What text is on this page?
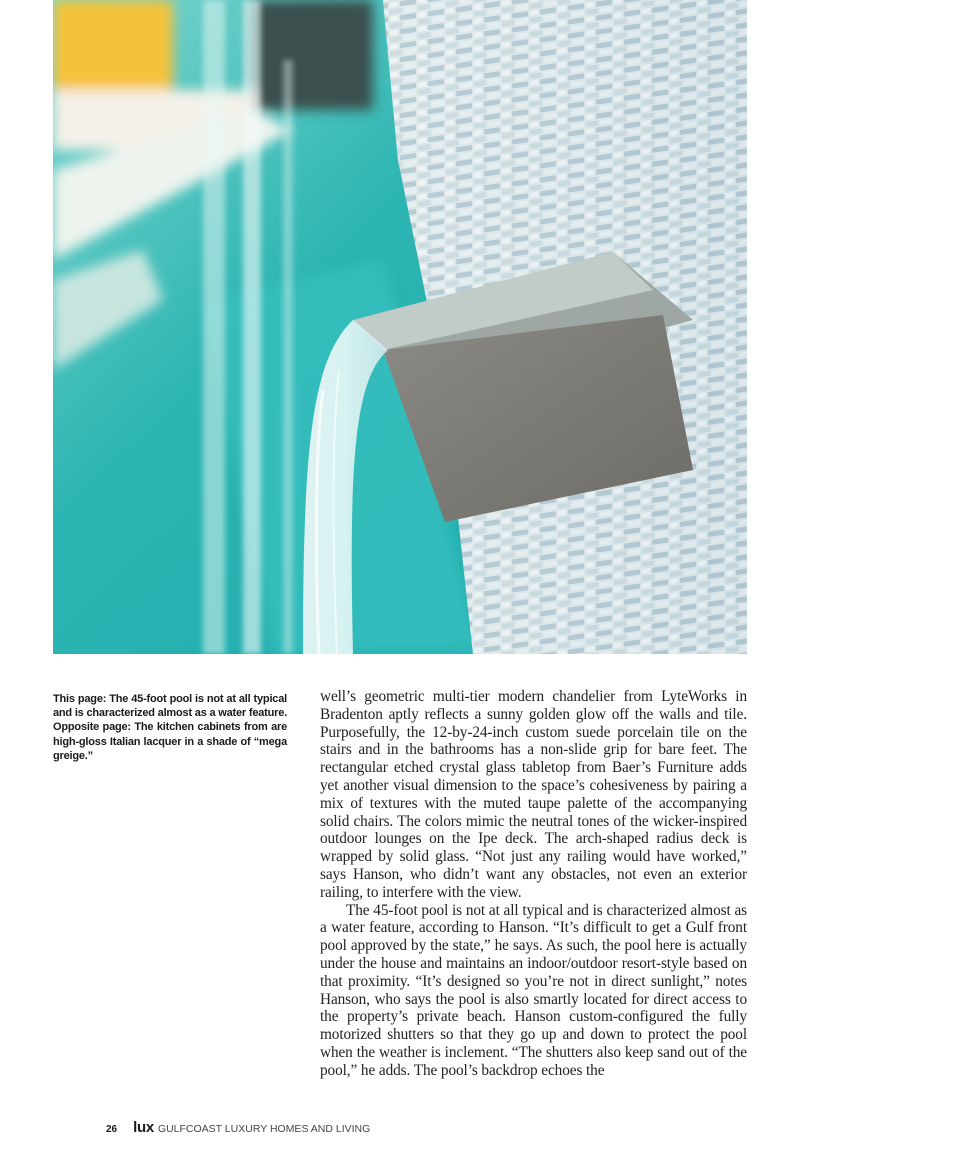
This page: The 45-foot pool is not at all typical and is characterized almost as a water feature. Opposite page: The kitchen cabinets from are high-gloss Italian lacquer in a shade of “mega greige.”

well’s geometric multi-tier modern chandelier from LyteWorks in Bradenton aptly reflects a sunny golden glow off the walls and tile. Purposefully, the 12-by-24-inch custom suede porcelain tile on the stairs and in the bathrooms has a non-slide grip for bare feet. The rectangular etched crystal glass tabletop from Baer’s Furniture adds yet another visual dimension to the space’s cohesiveness by pairing a mix of textures with the muted taupe palette of the accompanying solid chairs. The colors mimic the neutral tones of the wicker-inspired outdoor lounges on the Ipe deck. The arch-shaped radius deck is wrapped by solid glass. “Not just any railing would have worked,” says Hanson, who didn’t want any obstacles, not even an exterior railing, to interfere with the view.

The 45-foot pool is not at all typical and is characterized almost as a water feature, according to Hanson. “It’s difficult to get a Gulf front pool approved by the state,” he says. As such, the pool here is actually under the house and maintains an indoor/outdoor resort-style based on that proximity. “It’s designed so you’re not in direct sunlight,” notes Hanson, who says the pool is also smartly located for direct access to the property’s private beach. Hanson custom-configured the fully motorized shutters so that they go up and down to protect the pool when the weather is inclement. “The shutters also keep sand out of the pool,” he adds. The pool’s backdrop echoes the

26 lux GULFCOAST LUXURY HOMES AND LIVING
